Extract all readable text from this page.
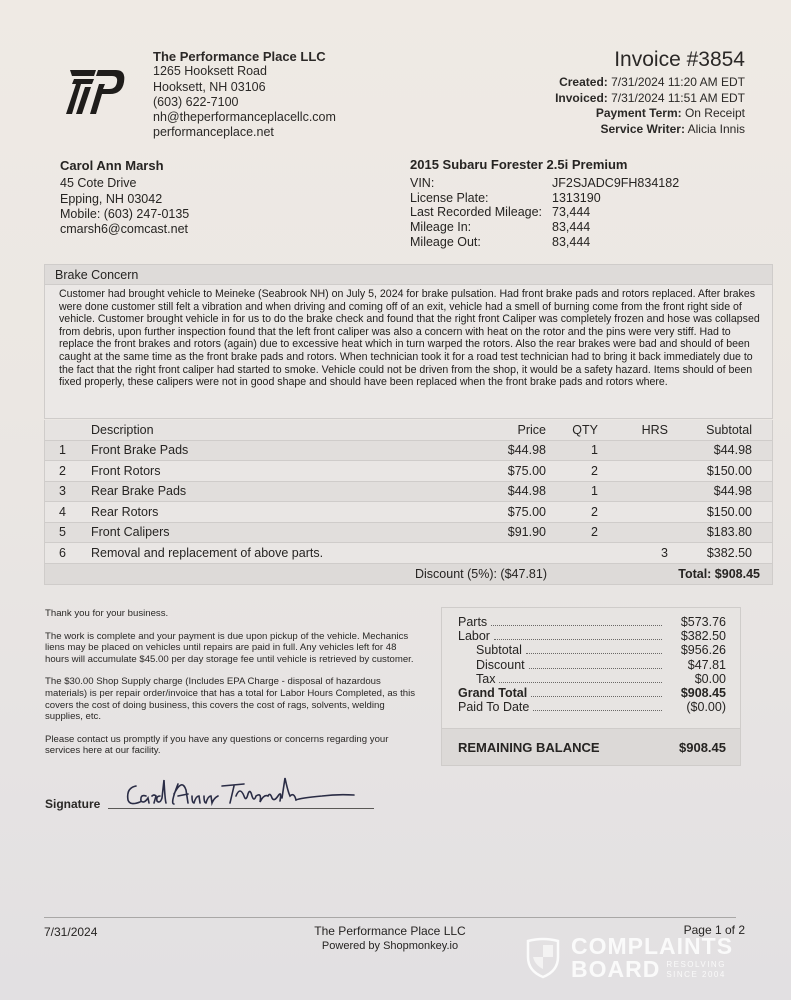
The Performance Place LLC
1265 Hooksett Road
Hooksett, NH 03106
(603) 622-7100
nh@theperformanceplacellc.com
performanceplace.net
Invoice #3854
Created: 7/31/2024 11:20 AM EDT
Invoiced: 7/31/2024 11:51 AM EDT
Payment Term: On Receipt
Service Writer: Alicia Innis
Carol Ann Marsh
45 Cote Drive
Epping, NH 03042
Mobile: (603) 247-0135
cmarsh6@comcast.net
2015 Subaru Forester 2.5i Premium
VIN:	JF2SJADC9FH834182
License Plate:	1313190
Last Recorded Mileage: 73,444
Mileage In:	83,444
Mileage Out:	83,444
Brake Concern
Customer had brought vehicle to Meineke (Seabrook NH) on July 5, 2024 for brake pulsation. Had front brake pads and rotors replaced. After brakes were done customer still felt a vibration and when driving and coming off of an exit, vehicle had a smell of burning come from the front right side of vehicle. Customer brought vehicle in for us to do the brake check and found that the right front Caliper was completely frozen and hose was collapsed from debris, upon further inspection found that the left front caliper was also a concern with heat on the rotor and the pins were very stiff. Had to replace the front brakes and rotors (again) due to excessive heat which in turn warped the rotors. Also the rear brakes were bad and should of been caught at the same time as the front brake pads and rotors. When technician took it for a road test technician had to bring it back immediately due to the fact that the right front caliper had started to smoke. Vehicle could not be driven from the shop, it would be a safety hazard. Items should of been fixed properly, these calipers were not in good shape and should have been replaced when the front brake pads and rotors where.
Description	Price	QTY	HRS	Subtotal
1	Front Brake Pads	$44.98	1	$44.98
2	Front Rotors	$75.00	2	$150.00
3	Rear Brake Pads	$44.98	1	$44.98
4	Rear Rotors	$75.00	2	$150.00
5	Front Calipers	$91.90	2	$183.80
6	Removal and replacement of above parts.	3	$382.50
Discount (5%): ($47.81)	Total: $908.45

Thank you for your business.

The work is complete and your payment is due upon pickup of the vehicle. Mechanics liens may be placed on vehicles until repairs are paid in full. Any vehicles left for 48 hours will accumulate $45.00 per day storage fee until vehicle is retrieved by customer.

The $30.00 Shop Supply charge (Includes EPA Charge - disposal of hazardous materials) is per repair order/invoice that has a total for Labor Hours Completed, as this covers the cost of doing business, this covers the cost of rags, solvents, welding supplies, etc.

Please contact us promptly if you have any questions or concerns regarding your services here at our facility.

Signature
Parts	$573.76
Labor	$382.50
Subtotal	$956.26
Discount	$47.81
Tax	$0.00
Grand Total	$908.45
Paid To Date	($0.00)
REMAINING BALANCE	$908.45
7/31/2024	The Performance Place LLC
Powered by Shopmonkey.io
Page 1 of 2
COMPLAINTS
BOARD RESOLVING
SINCE 2004
